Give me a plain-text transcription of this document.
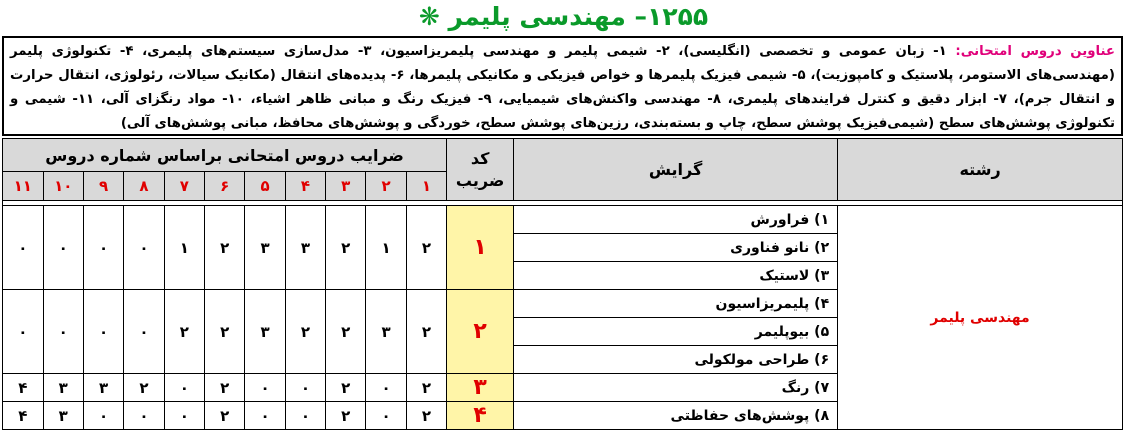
۱۲۵۵– مهندسی پلیمر ❋
عناوین دروس امتحانی: ۱- زبان عمومی و تخصصی (انگلیسی)، ۲- شیمی پلیمر و مهندسی پلیمریزاسیون، ۳- مدل‌سازی سیستم‌های پلیمری، ۴- تکنولوژی پلیمر (مهندسی‌های الاستومر، پلاستیک و کامپوزیت)، ۵- شیمی فیزیک پلیمرها و خواص فیزیکی و مکانیکی پلیمرها، ۶- پدیده‌های انتقال (مکانیک سیالات، رئولوژی، انتقال حرارت و انتقال جرم)، ۷- ابزار دقیق و کنترل فرایندهای پلیمری، ۸- مهندسی واکنش‌های شیمیایی، ۹- فیزیک رنگ و مبانی ظاهر اشیاء، ۱۰- مواد رنگزای آلی، ۱۱- شیمی و تکنولوژی پوشش‌های سطح (شیمی‌فیزیک پوشش سطح، چاپ و بسته‌بندی، رزین‌های پوشش سطح، خوردگی و پوشش‌های محافظ، مبانی پوشش‌های آلی)
رشته	گرایش	کد
ضریب	ضرایب دروس امتحانی براساس شماره دروس										
			۱	۲	۳	۴	۵	۶	۷	۸	۹	۱۰	۱۱

مهندسی پلیمر	۱) فراورش	۱	۲	۱	۲	۳	۳	۲	۱	۰	۰	۰	۰
	۲) نانو فناوری												
	۳) لاستیک												
	۴) پلیمریزاسیون	۲	۲	۳	۲	۲	۳	۲	۲	۰	۰	۰	۰
	۵) بیوپلیمر												
	۶) طراحی مولکولی												
	۷) رنگ	۳	۲	۰	۲	۰	۰	۲	۰	۲	۳	۳	۴
	۸) پوشش‌های حفاظتی	۴	۲	۰	۲	۰	۰	۲	۰	۰	۰	۳	۴
